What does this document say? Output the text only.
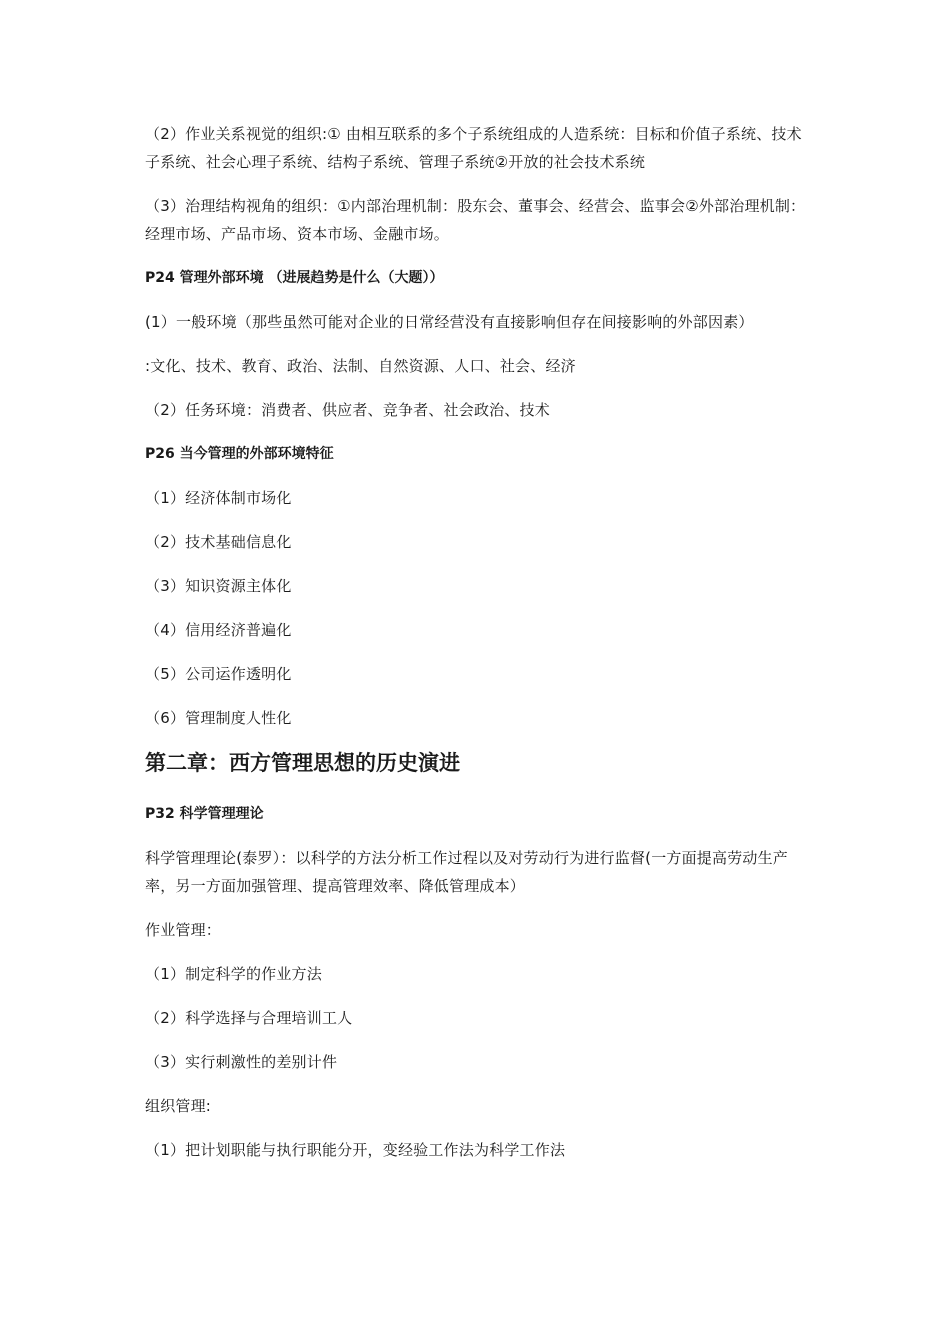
（2）作业关系视觉的组织:① 由相互联系的多个子系统组成的人造系统：目标和价值子系统、技术子系统、社会心理子系统、结构子系统、管理子系统②开放的社会技术系统

（3）治理结构视角的组织：①内部治理机制：股东会、董事会、经营会、监事会②外部治理机制： 经理市场、产品市场、资本市场、金融市场。

P24 管理外部环境 （进展趋势是什么（大题））

(1）一般环境（那些虽然可能对企业的日常经营没有直接影响但存在间接影响的外部因素）

:文化、技术、教育、政治、法制、自然资源、人口、社会、经济

（2）任务环境：消费者、供应者、竞争者、社会政治、技术

P26 当今管理的外部环境特征

（1）经济体制市场化

（2）技术基础信息化

（3）知识资源主体化

（4）信用经济普遍化

（5）公司运作透明化

（6）管理制度人性化

第二章：西方管理思想的历史演进

P32 科学管理理论

科学管理理论(泰罗）：以科学的方法分析工作过程以及对劳动行为进行监督(一方面提高劳动生产率，另一方面加强管理、提高管理效率、降低管理成本）

作业管理：

（1）制定科学的作业方法

（2）科学选择与合理培训工人

（3）实行刺激性的差别计件

组织管理:

（1）把计划职能与执行职能分开，变经验工作法为科学工作法
